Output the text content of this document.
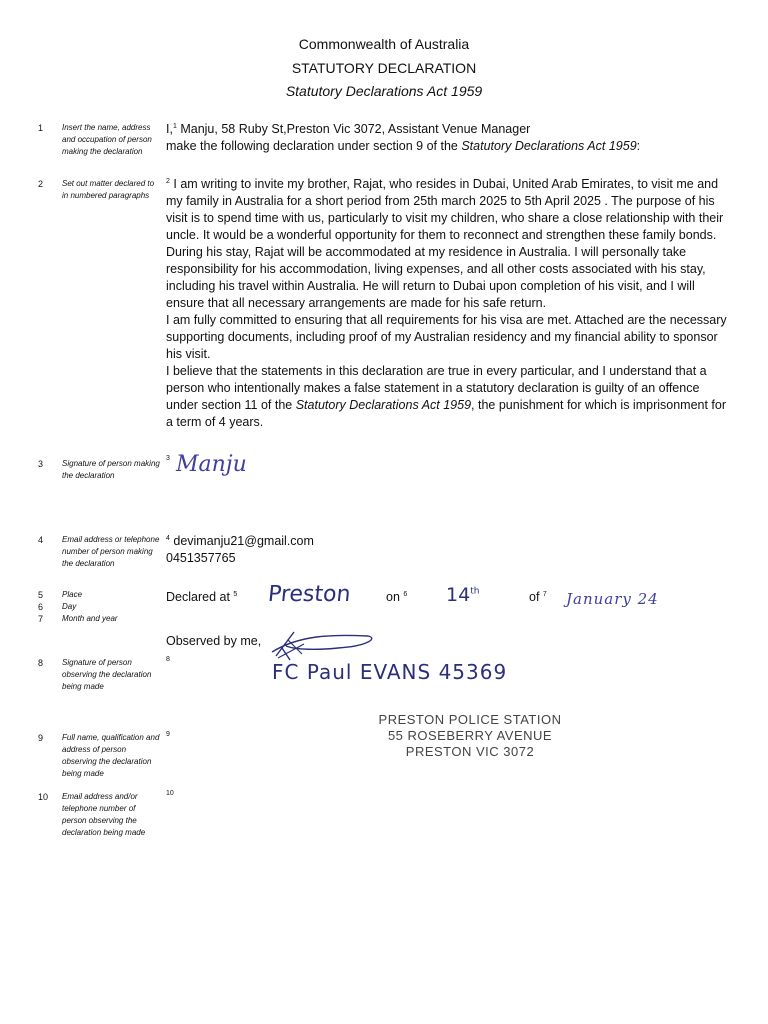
Commonwealth of Australia
STATUTORY DECLARATION
Statutory Declarations Act 1959
1 Insert the name, address and occupation of person making the declaration
I,$^1$ Manju, 58 Ruby St,Preston Vic 3072, Assistant Venue Manager
make the following declaration under section 9 of the Statutory Declarations Act 1959:
2 Set out matter declared to in numbered paragraphs
$^2$ I am writing to invite my brother, Rajat, who resides in Dubai, United Arab Emirates, to visit me and my family in Australia for a short period from 25th march 2025 to 5th April 2025 . The purpose of his visit is to spend time with us, particularly to visit my children, who share a close relationship with their uncle. It would be a wonderful opportunity for them to reconnect and strengthen these family bonds.
During his stay, Rajat will be accommodated at my residence in Australia. I will personally take responsibility for his accommodation, living expenses, and all other costs associated with his stay, including his travel within Australia. He will return to Dubai upon completion of his visit, and I will ensure that all necessary arrangements are made for his safe return.
I am fully committed to ensuring that all requirements for his visa are met. Attached are the necessary supporting documents, including proof of my Australian residency and my financial ability to sponsor his visit.
I believe that the statements in this declaration are true in every particular, and I understand that a person who intentionally makes a false statement in a statutory declaration is guilty of an offence under section 11 of the Statutory Declarations Act 1959, the punishment for which is imprisonment for a term of 4 years.
3 Signature of person making the declaration
3 Manju
4 Email address or telephone number of person making the declaration
$^4$ devimanju21@gmail.com
0451357765
5 Place
6 Day
7 Month and year
Declared at $^5$ Preston	on $^6$ 14th	of $^7$ January 24
Observed by me,
8 Signature of person observing the declaration being made
8
FC Paul EVANS 45369
PRESTON POLICE STATION
55 ROSEBERRY AVENUE
PRESTON VIC 3072
9 Full name, qualification and address of person observing the declaration being made
9
10 Email address and/or telephone number of person observing the declaration being made
10
